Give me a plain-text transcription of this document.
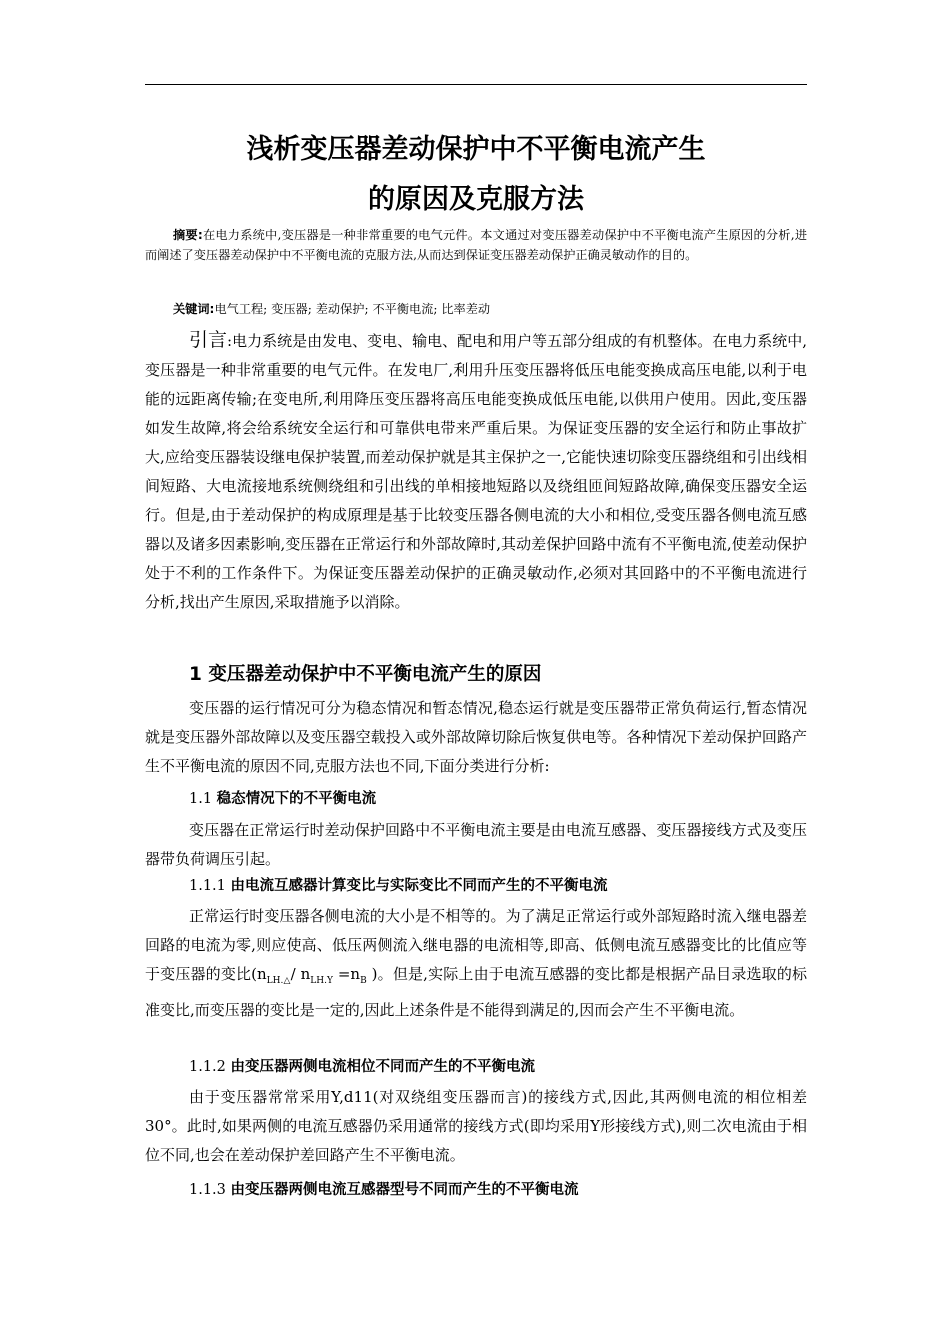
浅析变压器差动保护中不平衡电流产生
的原因及克服方法
摘要:在电力系统中,变压器是一种非常重要的电气元件。本文通过对变压器差动保护中不平衡电流产生原因的分析,进而阐述了变压器差动保护中不平衡电流的克服方法,从而达到保证变压器差动保护正确灵敏动作的目的。
关键词:电气工程; 变压器; 差动保护; 不平衡电流; 比率差动

引言:电力系统是由发电、变电、输电、配电和用户等五部分组成的有机整体。在电力系统中,变压器是一种非常重要的电气元件。在发电厂,利用升压变压器将低压电能变换成高压电能,以利于电能的远距离传输;在变电所,利用降压变压器将高压电能变换成低压电能,以供用户使用。因此,变压器如发生故障,将会给系统安全运行和可靠供电带来严重后果。为保证变压器的安全运行和防止事故扩大,应给变压器装设继电保护装置,而差动保护就是其主保护之一,它能快速切除变压器绕组和引出线相间短路、大电流接地系统侧绕组和引出线的单相接地短路以及绕组匝间短路故障,确保变压器安全运行。但是,由于差动保护的构成原理是基于比较变压器各侧电流的大小和相位,受变压器各侧电流互感器以及诸多因素影响,变压器在正常运行和外部故障时,其动差保护回路中流有不平衡电流,使差动保护处于不利的工作条件下。为保证变压器差动保护的正确灵敏动作,必须对其回路中的不平衡电流进行分析,找出产生原因,采取措施予以消除。

1 变压器差动保护中不平衡电流产生的原因

变压器的运行情况可分为稳态情况和暂态情况,稳态运行就是变压器带正常负荷运行,暂态情况就是变压器外部故障以及变压器空载投入或外部故障切除后恢复供电等。各种情况下差动保护回路产生不平衡电流的原因不同,克服方法也不同,下面分类进行分析:

1.1 稳态情况下的不平衡电流

变压器在正常运行时差动保护回路中不平衡电流主要是由电流互感器、变压器接线方式及变压器带负荷调压引起。

1.1.1 由电流互感器计算变比与实际变比不同而产生的不平衡电流

正常运行时变压器各侧电流的大小是不相等的。为了满足正常运行或外部短路时流入继电器差回路的电流为零,则应使高、低压两侧流入继电器的电流相等,即高、低侧电流互感器变比的比值应等于变压器的变比($n_{LH.\triangle}/$ $n_{LH.Y} =n_B$ )。但是,实际上由于电流互感器的变比都是根据产品目录选取的标准变比,而变压器的变比是一定的,因此上述条件是不能得到满足的,因而会产生不平衡电流。

1.1.2 由变压器两侧电流相位不同而产生的不平衡电流

由于变压器常常采用Y,d11(对双绕组变压器而言)的接线方式,因此,其两侧电流的相位相差30°。此时,如果两侧的电流互感器仍采用通常的接线方式(即均采用Y形接线方式),则二次电流由于相位不同,也会在差动保护差回路产生不平衡电流。

1.1.3 由变压器两侧电流互感器型号不同而产生的不平衡电流
